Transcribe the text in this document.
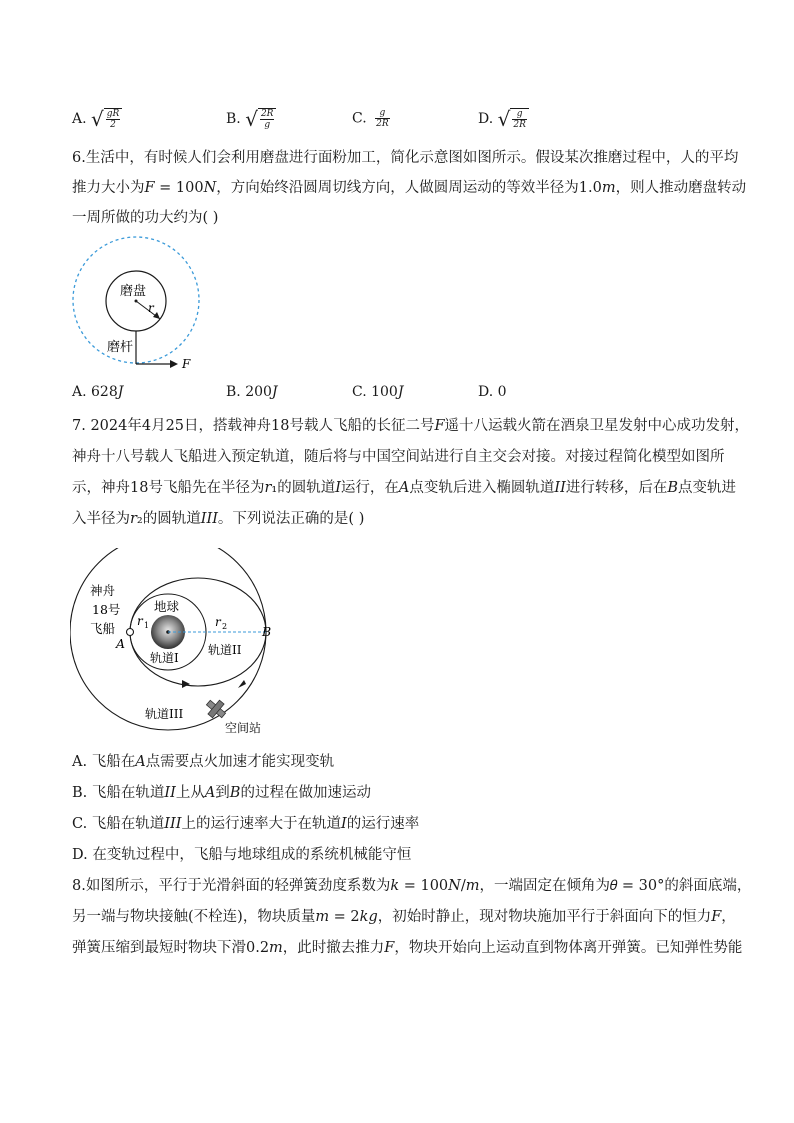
A. √ $\frac{gR}{2}$	B. √ $\frac{2R}{g}$	C. $\frac{g}{2R}$	D. √ $\frac{g}{2R}$
6.生活中，有时候人们会利用磨盘进行面粉加工，简化示意图如图所示。假设某次推磨过程中，人的平均
推力大小为𝐹 = 100𝑁，方向始终沿圆周切线方向，人做圆周运动的等效半径为1.0𝑚，则人推动磨盘转动
一周所做的功大约为( )
磨盘
r
磨杆
F
A. 628𝐽	B. 200𝐽	C. 100𝐽	D. 0
7. 2024年4月25日，搭载神舟18号载人飞船的长征二号𝐹遥十八运载火箭在酒泉卫星发射中心成功发射，
神舟十八号载人飞船进入预定轨道，随后将与中国空间站进行自主交会对接。对接过程简化模型如图所
示，神舟18号飞船先在半径为𝑟₁的圆轨道𝐼运行，在𝐴点变轨后进入椭圆轨道𝐼𝐼进行转移，后在𝐵点变轨进
入半径为𝑟₂的圆轨道𝐼𝐼𝐼。下列说法正确的是( )
神舟
18号
飞船
地球
r 1	r 2
A
B
轨道I
轨道II
轨道III
空间站
A. 飞船在𝐴点需要点火加速才能实现变轨
B. 飞船在轨道𝐼𝐼上从𝐴到𝐵的过程在做加速运动
C. 飞船在轨道𝐼𝐼𝐼上的运行速率大于在轨道𝐼的运行速率
D. 在变轨过程中，飞船与地球组成的系统机械能守恒
8.如图所示，平行于光滑斜面的轻弹簧劲度系数为𝑘 = 100𝑁/𝑚，一端固定在倾角为𝜃 = 30°的斜面底端，
另一端与物块接触(不栓连)，物块质量𝑚 = 2𝑘𝑔，初始时静止，现对物块施加平行于斜面向下的恒力𝐹，
弹簧压缩到最短时物块下滑0.2𝑚，此时撤去推力𝐹，物块开始向上运动直到物体离开弹簧。已知弹性势能
